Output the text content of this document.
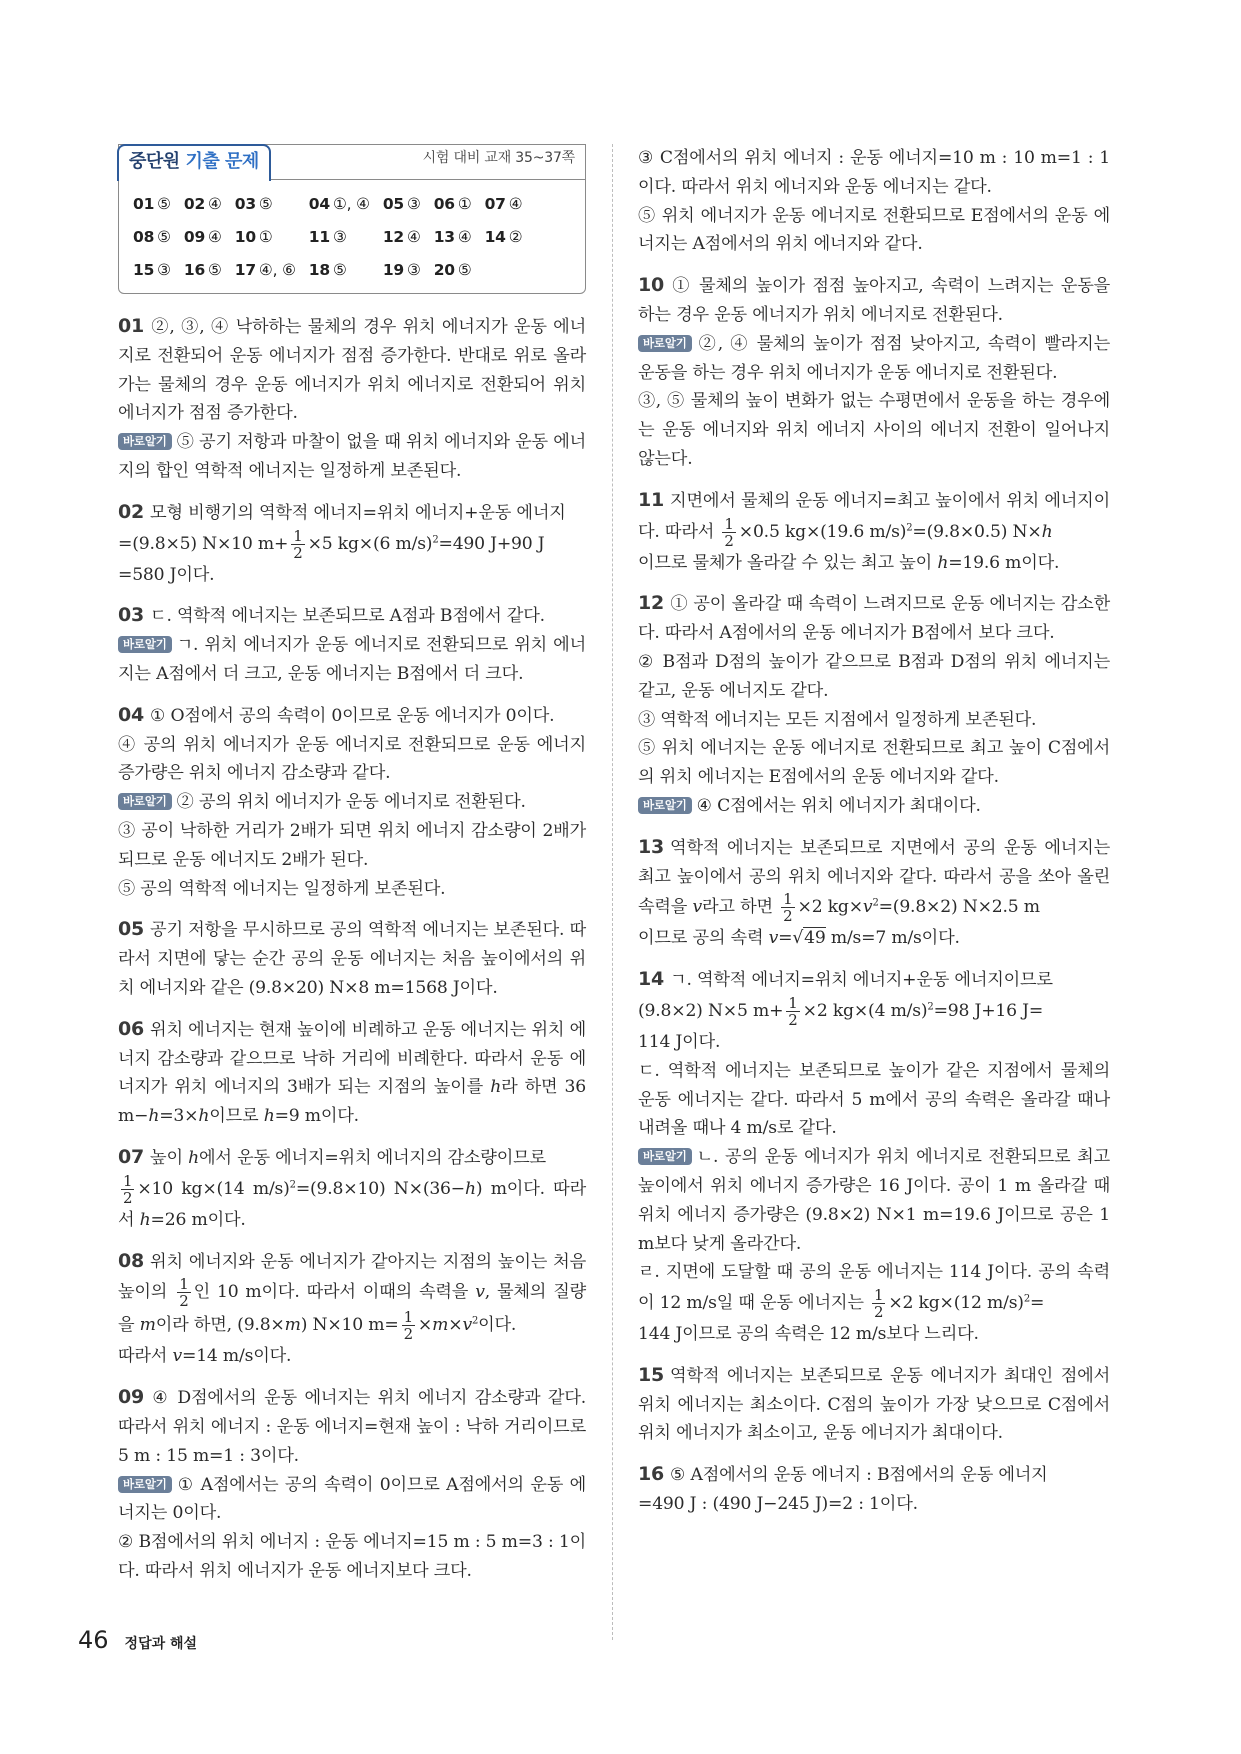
중단원 기출 문제	시험 대비 교재 35~37쪽
01 ⑤ 02 ④ 03 ⑤	04 ①, ④ 05 ③ 06 ① 07 ④
08 ⑤ 09 ④ 10 ①	11 ③	12 ④ 13 ④ 14 ②
15 ③ 16 ⑤ 17 ④, ⑥ 18 ⑤	19 ③ 20 ⑤
01 ②, ③, ④ 낙하하는 물체의 경우 위치 에너지가 운동 에너지로 전환되어 운동 에너지가 점점 증가한다. 반대로 위로 올라가는 물체의 경우 운동 에너지가 위치 에너지로 전환되어 위치 에너지가 점점 증가한다.
바로알기 ⑤ 공기 저항과 마찰이 없을 때 위치 에너지와 운동 에너지의 합인 역학적 에너지는 일정하게 보존된다.
02 모형 비행기의 역학적 에너지=위치 에너지+운동 에너지
=(9.8×5) N×10 $m+ \frac{1}{2} \times 5$ kg×(6 m/s)$^2$=490 J+90 J
=580 J이다.
03 ㄷ. 역학적 에너지는 보존되므로 A점과 B점에서 같다.
바로알기 ㄱ. 위치 에너지가 운동 에너지로 전환되므로 위치 에너지는 A점에서 더 크고, 운동 에너지는 B점에서 더 크다.
04 ① O점에서 공의 속력이 0이므로 운동 에너지가 0이다.
④ 공의 위치 에너지가 운동 에너지로 전환되므로 운동 에너지 증가량은 위치 에너지 감소량과 같다.
바로알기 ② 공의 위치 에너지가 운동 에너지로 전환된다.
③ 공이 낙하한 거리가 2배가 되면 위치 에너지 감소량이 2배가 되므로 운동 에너지도 2배가 된다.
⑤ 공의 역학적 에너지는 일정하게 보존된다.
05 공기 저항을 무시하므로 공의 역학적 에너지는 보존된다. 따라서 지면에 닿는 순간 공의 운동 에너지는 처음 높이에서의 위치 에너지와 같은 (9.8×20) N×8 m=1568 J이다.
06 위치 에너지는 현재 높이에 비례하고 운동 에너지는 위치 에너지 감소량과 같으므로 낙하 거리에 비례한다. 따라서 운동 에너지가 위치 에너지의 3배가 되는 지점의 높이를 h라 하면 36 m−h=3×h이므로 h=9 m이다.
07 높이 h에서 운동 에너지=위치 에너지의 감소량이므로

$\frac{1}{2} \times 10$ kg×(14 m/s)$^2$=(9.8×10) N×(36−h) m이다. 따라서 h=26 m이다.
08 위치 에너지와 운동 에너지가 같아지는 지점의 높이는 처음 높이의 $\frac{1}{2}$ 인 10 m이다. 따라서 이때의 속력을 v, 물체의 질량을 m이라 하면, (9.8×m) N×10 $m= \frac{1}{2} \times m\times v^2$이다.
따라서 v=14 m/s이다.
09 ④ D점에서의 운동 에너지는 위치 에너지 감소량과 같다. 따라서 위치 에너지 : 운동 에너지=현재 높이 : 낙하 거리이므로 5 m : 15 m=1 : 3이다.
바로알기 ① A점에서는 공의 속력이 0이므로 A점에서의 운동 에너지는 0이다.
② B점에서의 위치 에너지 : 운동 에너지=15 m : 5 m=3 : 1이다. 따라서 위치 에너지가 운동 에너지보다 크다.
③ C점에서의 위치 에너지 : 운동 에너지=10 m : 10 m=1 : 1이다. 따라서 위치 에너지와 운동 에너지는 같다.
⑤ 위치 에너지가 운동 에너지로 전환되므로 E점에서의 운동 에너지는 A점에서의 위치 에너지와 같다.
10 ① 물체의 높이가 점점 높아지고, 속력이 느려지는 운동을 하는 경우 운동 에너지가 위치 에너지로 전환된다.
바로알기 ②, ④ 물체의 높이가 점점 낮아지고, 속력이 빨라지는 운동을 하는 경우 위치 에너지가 운동 에너지로 전환된다.
③, ⑤ 물체의 높이 변화가 없는 수평면에서 운동을 하는 경우에는 운동 에너지와 위치 에너지 사이의 에너지 전환이 일어나지 않는다.
11 지면에서 물체의 운동 에너지=최고 높이에서 위치 에너지이다. 따라서 $\frac{1}{2} \times 0.5$ kg×(19.6 m/s)$^2$=(9.8×0.5) N×h
이므로 물체가 올라갈 수 있는 최고 높이 h=19.6 m이다.
12 ① 공이 올라갈 때 속력이 느려지므로 운동 에너지는 감소한다. 따라서 A점에서의 운동 에너지가 B점에서 보다 크다.
② B점과 D점의 높이가 같으므로 B점과 D점의 위치 에너지는 같고, 운동 에너지도 같다.
③ 역학적 에너지는 모든 지점에서 일정하게 보존된다.
⑤ 위치 에너지는 운동 에너지로 전환되므로 최고 높이 C점에서의 위치 에너지는 E점에서의 운동 에너지와 같다.
바로알기 ④ C점에서는 위치 에너지가 최대이다.
13 역학적 에너지는 보존되므로 지면에서 공의 운동 에너지는 최고 높이에서 공의 위치 에너지와 같다. 따라서 공을 쏘아 올린 속력을 v라고 하면 $\frac{1}{2} \times 2$ $kg\times v^2=(9.8\times 2)$ N×2.5 m
이므로 공의 속력 v=√49 m/s=7 m/s이다.
14 ㄱ. 역학적 에너지=위치 에너지+운동 에너지이므로
(9.8×2) N×5 $m+ \frac{1}{2} \times 2$ kg×(4 m/s)$^2$=98 J+16 J=
114 J이다.
ㄷ. 역학적 에너지는 보존되므로 높이가 같은 지점에서 물체의 운동 에너지는 같다. 따라서 5 m에서 공의 속력은 올라갈 때나 내려올 때나 4 m/s로 같다.
바로알기 ㄴ. 공의 운동 에너지가 위치 에너지로 전환되므로 최고 높이에서 위치 에너지 증가량은 16 J이다. 공이 1 m 올라갈 때 위치 에너지 증가량은 (9.8×2) N×1 m=19.6 J이므로 공은 1 m보다 낮게 올라간다.
ㄹ. 지면에 도달할 때 공의 운동 에너지는 114 J이다. 공의 속력이 12 m/s일 때 운동 에너지는 $\frac{1}{2} \times 2$ kg×(12 m/s)$^2$=
144 J이므로 공의 속력은 12 m/s보다 느리다.
15 역학적 에너지는 보존되므로 운동 에너지가 최대인 점에서 위치 에너지는 최소이다. C점의 높이가 가장 낮으므로 C점에서 위치 에너지가 최소이고, 운동 에너지가 최대이다.
16 ⑤ A점에서의 운동 에너지 : B점에서의 운동 에너지
=490 J : (490 J−245 J)=2 : 1이다.
46 정답과 해설
